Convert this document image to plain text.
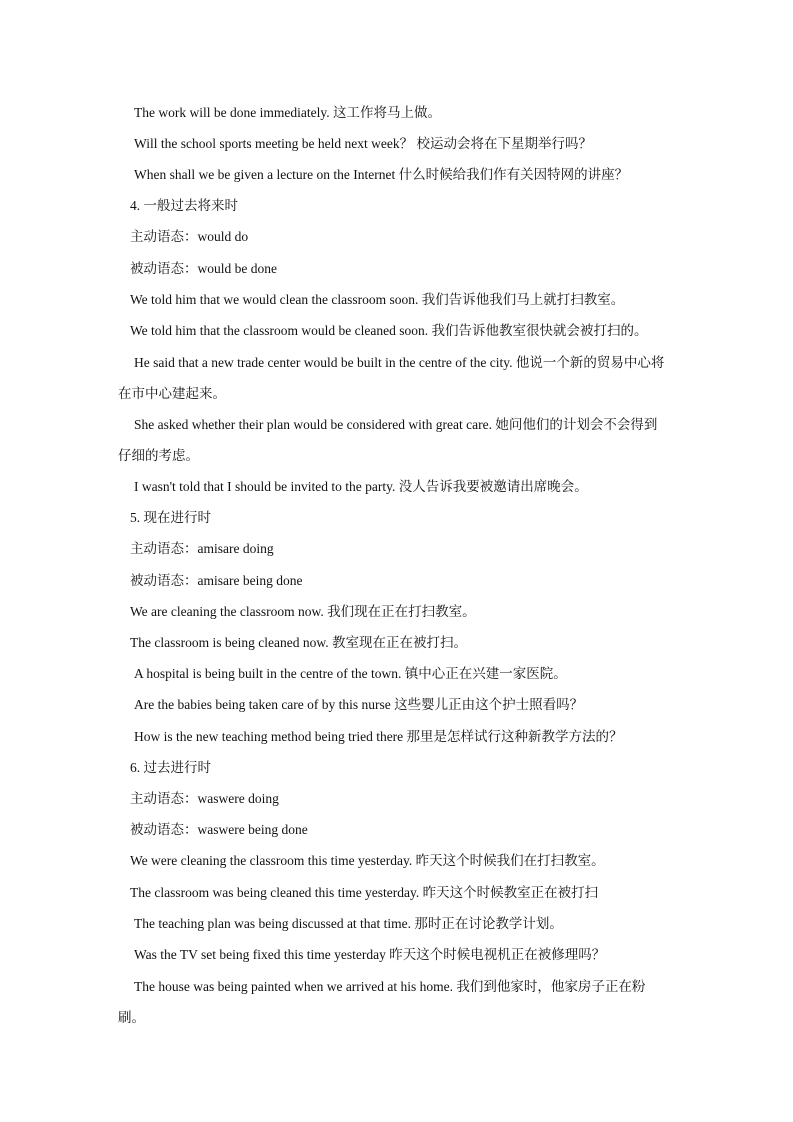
The work will be done immediately. 这工作将马上做。
Will the school sports meeting be held next week？ 校运动会将在下星期举行吗？
When shall we be given a lecture on the Internet 什么时候给我们作有关因特网的讲座？
4. 一般过去将来时
主动语态：would do
被动语态：would be done
We told him that we would clean the classroom soon. 我们告诉他我们马上就打扫教室。
We told him that the classroom would be cleaned soon. 我们告诉他教室很快就会被打扫的。
He said that a new trade center would be built in the centre of the city. 他说一个新的贸易中心将在市中心建起来。
She asked whether their plan would be considered with great care. 她问他们的计划会不会得到仔细的考虑。
I wasn't told that I should be invited to the party. 没人告诉我要被邀请出席晚会。
5. 现在进行时
主动语态：amisare doing
被动语态：amisare being done
We are cleaning the classroom now. 我们现在正在打扫教室。
The classroom is being cleaned now. 教室现在正在被打扫。
A hospital is being built in the centre of the town. 镇中心正在兴建一家医院。
Are the babies being taken care of by this nurse 这些婴儿正由这个护士照看吗？
How is the new teaching method being tried there 那里是怎样试行这种新教学方法的？
6. 过去进行时
主动语态：waswere doing
被动语态：waswere being done
We were cleaning the classroom this time yesterday. 昨天这个时候我们在打扫教室。
The classroom was being cleaned this time yesterday. 昨天这个时候教室正在被打扫
The teaching plan was being discussed at that time. 那时正在讨论教学计划。
Was the TV set being fixed this time yesterday 昨天这个时候电视机正在被修理吗？
The house was being painted when we arrived at his home. 我们到他家时，他家房子正在粉刷。
